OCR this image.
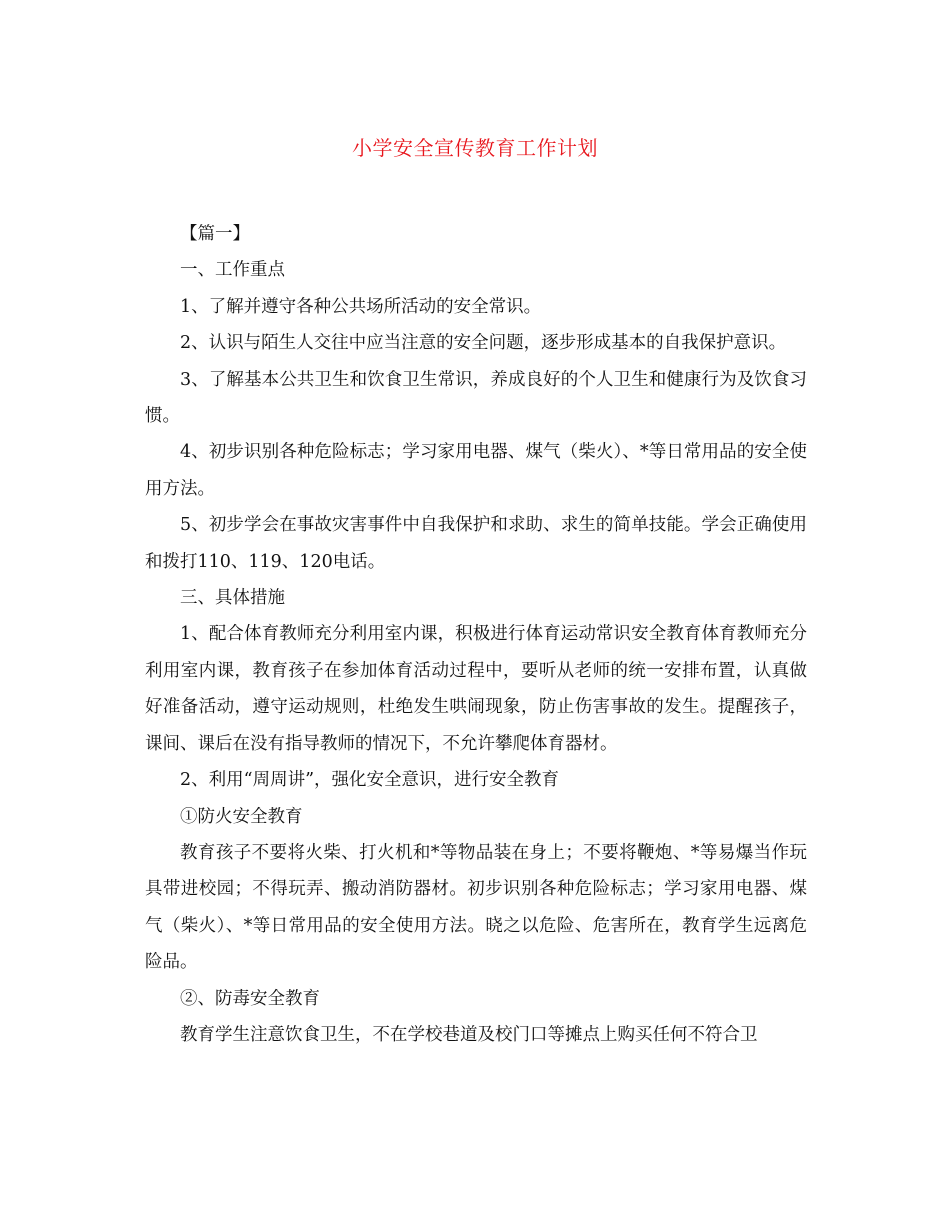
小学安全宣传教育工作计划

【篇一】

一、工作重点

1、了解并遵守各种公共场所活动的安全常识。

2、认识与陌生人交往中应当注意的安全问题，逐步形成基本的自我保护意识。

3、了解基本公共卫生和饮食卫生常识，养成良好的个人卫生和健康行为及饮食习惯。

4、初步识别各种危险标志；学习家用电器、煤气（柴火）、*等日常用品的安全使用方法。

5、初步学会在事故灾害事件中自我保护和求助、求生的简单技能。学会正确使用和拨打110、119、120电话。

三、具体措施

1、配合体育教师充分利用室内课，积极进行体育运动常识安全教育体育教师充分利用室内课，教育孩子在参加体育活动过程中，要听从老师的统一安排布置，认真做好准备活动，遵守运动规则，杜绝发生哄闹现象，防止伤害事故的发生。提醒孩子，课间、课后在没有指导教师的情况下，不允许攀爬体育器材。

2、利用“周周讲”，强化安全意识，进行安全教育

①防火安全教育

教育孩子不要将火柴、打火机和*等物品装在身上；不要将鞭炮、*等易爆当作玩具带进校园；不得玩弄、搬动消防器材。初步识别各种危险标志；学习家用电器、煤气（柴火）、*等日常用品的安全使用方法。晓之以危险、危害所在，教育学生远离危险品。

②、防毒安全教育

教育学生注意饮食卫生，不在学校巷道及校门口等摊点上购买任何不符合卫
